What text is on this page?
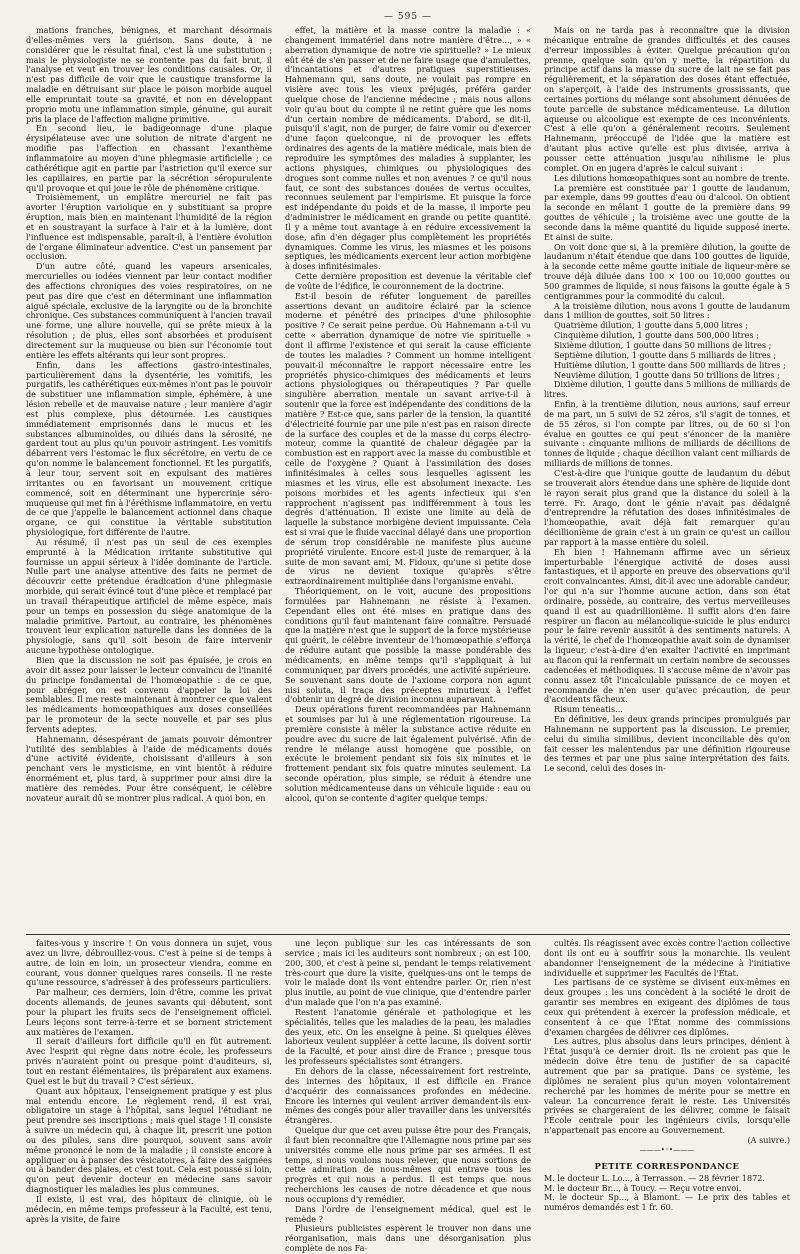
— 595 —

mations franches, bénignes, et marchant désormais d'elles-mêmes vers la guérison. Sans doute, à ne considérer que le résultat final, c'est là une substitution ; mais le physiologiste ne se contente pas du fait brut, il l'analyse et veut en trouver les conditions causales. Or, il n'est pas difficile de voir que le caustique transforme la maladie en détruisant sur place le poison morbide auquel elle empruntait toute sa gravité, et non en développant proprio motu une inflammation simple, génuine, qui aurait pris la place de l'affection maligne primitive.

En second lieu, le badigeonnage d'une plaque érysipélateuse avec une solution de nitrate d'argent ne modifie pas l'affection en chassant l'exanthème inflammatoire au moyen d'une phlegmasie artificielle ; ce cathérétique agit en partie par l'astriction qu'il exerce sur les capillaires, en partie par la sécrétion séropurulente qu'il provoque et qui joue le rôle de phénomène critique.

Troisièmement, un emplâtre mercuriel ne fait pas avorter l'éruption variolique en y substituant sa propre éruption, mais bien en maintenant l'humidité de la région et en soustrayant la surface à l'air et à la lumière, dont l'influence est indispensable, paraît-il, à l'entière évolution de l'organe éliminateur adventice. C'est un pansement par occlusion.

D'un autre côté, quand les vapeurs arsenicales, mercurielles ou iodées viennent par leur contact modifier des affections chroniques des voies respiratoires, on ne peut pas dire que c'est en déterminant une inflammation aiguë spéciale, exclusive de la laryngite ou de la bronchite chronique. Ces substances communiquent à l'ancien travail une forme, une allure nouvelle, qui se prête mieux à la résolution ; de plus, elles sont absorbées et produisent directement sur la muqueuse ou bien sur l'économie tout entière les effets altérants qui leur sont propres.

Enfin, dans les affections gastro-intestinales, particulièrement dans la dysentérie, les vomitifs, les purgatifs, les cathérétiques eux-mêmes n'ont pas le pouvoir de substituer une inflammation simple, éphémère, à une lésion rebelle et de mauvaise nature ; leur manière d'agir est plus complexe, plus détournée. Les caustiques immédiatement emprisonnés dans le mucus et les substances albuminoïdes, ou dilués dans la sérosité, ne gardent tout au plus qu'un pouvoir astringent. Les vomitifs débarrent vers l'estomac le flux sécrétoire, en vertu de ce qu'on nomme le balancement fonctionnel. Et les purgatifs, à leur tour, servent soit en expulsant des matières irritantes ou en favorisant un mouvement critique commencé, soit en déterminant une hypercrinie séro-muqueuse qui met fin à l'éréthisme inflammatoire, en vertu de ce que j'appelle le balancement actionnel dans chaque organe, ce qui constitue la véritable substitution physiologique, fort différente de l'autre.

Au résumé, il n'est pas un seul de ces exemples emprunté à la Médication irritante substitutive qui fournisse un appui sérieux à l'idée dominante de l'article. Nulle part une analyse attentive des faits ne permet de découvrir cette prétendue éradication d'une phlegmasie morbide, qui serait évincé tout d'une pièce et remplacé par un travail thérapeutique artificiel de même espèce, mais pour un temps en possession du siège anatomique de la maladie primitive. Partout, au contraire, les phénomènes trouvent leur explication naturelle dans les données de la physiologie, sans qu'il soit besoin de faire intervenir aucune hypothèse ontologique.

Bien que la discussion ne soit pas épuisée, je crois en avoir dit assez pour laisser le lecteur convaincu de l'inanité du principe fondamental de l'homœopathie : de ce que, pour abréger, on est convenu d'appeler la loi des semblables. Il me reste maintenant à montrer ce que valent les médicaments homœopathiques aux doses conseillées par le promoteur de la secte nouvelle et par ses plus fervents adeptes.

Hahnemann, désespérant de jamais pouvoir démontrer l'utilité des semblables à l'aide de médicaments doués d'une activité évidente, choisissant d'ailleurs à son penchant vers le mysticisme, en vint bientôt à réduire énormément et, plus tard, à supprimer pour ainsi dire la matière des remèdes. Pour être conséquent, le célèbre novateur aurait dû se montrer plus radical. A quoi bon, en

effet, la matière et la masse contre la maladie : « changement immatériel dans notre manière d'être..., » « aberration dynamique de notre vie spirituelle? » Le mieux eût été de s'en passer et de ne faire usage que d'amulettes, d'incantations et d'autres pratiques superstitieuses. Hahnemann qui, sans doute, ne voulait pas rompre en visière avec tous les vieux préjugés, préféra garder quelque chose de l'ancienne médecine ; mais nous allons voir qu'au bout du compte il ne retint guère que les noms d'un certain nombre de médicaments. D'abord, se dit-il, puisqu'il s'agit, non de purger, de faire vomir ou d'exercer d'une façon quelconque, ni de provoquer les effets ordinaires des agents de la matière médicale, mais bien de reproduire les symptômes des maladies à supplanter, les actions physiques, chimiques ou physiologiques des drogues sont comme nulles et non avenues ? ce qu'il nous faut, ce sont des substances douées de vertus occultes, reconnues seulement par l'empirisme. Et puisque la force est indépendante du poids et de la masse, il importe peu d'administrer le médicament en grande ou petite quantité. Il y a même tout avantage à en réduire excessivement la dose, afin d'en dégager plus complètement les propriétés dynamiques. Comme les virus, les miasmes et les poisons septiques, les médicaments exercent leur action morbigène à doses infinitésimales.

Cette dernière proposition est devenue la véritable clef de voûte de l'édifice, le couronnement de la doctrine.

Est-il besoin de réfuter longuement de pareilles assertions devant un auditoire éclairé par la science moderne et pénétré des principes d'une philosophie positive ? Ce serait peine perdue. Où Hahnemann a-t-il vu cette « aberration dynamique de notre vie spirituelle » dont il affirme l'existence et qui serait la cause efficiente de toutes les maladies ? Comment un homme intelligent pouvait-il méconnaître le rapport nécessaire entre les propriétés physico-chimiques des médicaments et leurs actions physiologiques ou thérapeutiques ? Par quelle singulière aberration mentale un savant arrive-t-il à soutenir que la force est indépendante des conditions de la matière ? Est-ce que, sans parler de la tension, la quantité d'électricité fournie par une pile n'est pas en raison directe de la surface des couples et de la masse du corps électro-moteur, comme la quantité de chaleur dégagée par la combustion est en rapport avec la masse du combustible et celle de l'oxygène ? Quant à l'assimilation des doses infinitésimales à celles sous lesquelles agissent les miasmes et les virus, elle est absolument inexacte. Les poisons morbides et les agents infectieux qui s'en rapprochent n'agissent pas indifféremment à tous les degrés d'atténuation. Il existe une limite au delà de laquelle la substance morbigène devient impuissante. Cela est si vrai que le fluide vaccinal délayé dans une proportion de sérum trop considérable ne manifeste plus aucune propriété virulente. Encore est-il juste de remarquer, à la suite de mon savant ami, M. Fidoux, qu'une si petite dose de virus ne devient toxique qu'après s'être extraordinairement multipliée dans l'organisme envahi.

Théoriquement, on le voit, aucune des propositions formulées par Hahnemann ne résiste à l'examen. Cependant elles ont été mises en pratique dans des conditions qu'il faut maintenant faire connaître. Persuadé que la matière n'est que le support de la force mystérieuse qui guérit, le célèbre inventeur de l'homœopathie s'efforça de réduire autant que possible la masse pondérable des médicaments, en même temps qu'il s'appliquait à lui communiquer, par divers procédés, une activité supérieure. Se souvenant sans doute de l'axiome corpora non agunt nisi soluta, il traça des préceptes minutieux à l'effet d'obtenir un degré de division inconnu auparavant.

Deux opérations furent recommandées par Hahnemann et soumises par lui à une réglementation rigoureuse. La première consiste à mêler la substance active réduite en poudre avec du sucre de lait également pulvérisé. Afin de rendre le mélange aussi homogène que possible, on exécute le broiement pendant six fois six minutes et le frottement pendant six fois quatre minutes seulement. La seconde opération, plus simple, se réduit à étendre une solution médicamenteuse dans un véhicule liquide : eau ou alcool, qu'on se contente d'agiter quelque temps.

Mais on ne tarda pas à reconnaître que la division mécanique entraîne de grandes difficultés et des causes d'erreur impossibles à éviter. Quelque précaution qu'on prenne, quelque soin qu'on y mette, la répartition du principe actif dans la masse du sucre de lait ne se fait pas régulièrement, et la séparation des doses étant effectuée, on s'aperçoit, à l'aide des instruments grossissants, que certaines portions du mélange sont absolument dénuées de toute parcelle de substance médicamenteuse. La dilution aqueuse ou alcoolique est exempte de ces inconvénients. C'est à elle qu'on a généralement recours. Seulement Hahnemann, préoccupé de l'idée que la matière est d'autant plus active qu'elle est plus divisée, arriva à pousser cette atténuation jusqu'au nihilisme le plus complet. On en jugera d'après le calcul suivant :

Les dilutions homœopathiques sont au nombre de trente.

La première est constituée par 1 goutte de laudanum, par exemple, dans 99 gouttes d'eau ou d'alcool. On obtient la seconde en mêlant 1 goutte de la première dans 99 gouttes de véhicule ; la troisième avec une goutte de la seconde dans la même quantité du liquide supposé inerte. Et ainsi de suite.

On voit donc que si, à la première dilution, la goutte de laudanum n'était étendue que dans 100 gouttes de liquide, à la seconde cette même goutte initiale de liqueur-mère se trouve déjà diluée dans 100 × 100 ou 10,000 gouttes ou 500 grammes de liquide, si nous faisons la goutte égale à 5 centigrammes pour la commodité du calcul.

A la troisième dilution, nous avons 1 goutte de laudanum dans 1 million de gouttes, soit 50 litres :

Quatrième dilution, 1 goutte dans 5,000 litres ;

Cinquième dilution, 1 goutte dans 500,000 litres ;

Sixième dilution, 1 goutte dans 50 millions de litres ;

Septième dilution, 1 goutte dans 5 milliards de litres ;

Huitième dilution, 1 goutte dans 500 milliards de litres ;

Neuvième dilution, 1 goutte dans 50 trillions de litres ;

Dixième dilution, 1 goutte dans 5 millions de milliards de litres.

Enfin, à la trentième dilution, nous aurions, sauf erreur de ma part, un 5 suivi de 52 zéros, s'il s'agit de tonnes, et de 55 zéros, si l'on compte par litres, ou de 60 si l'on évalue en gouttes ce qui peut s'énoncer de la manière suivante : cinquante millions de milliards de décillions de tonnes de liquide ; chaque décillion valant cent milliards de milliards de millions de tonnes.

C'est-à-dire que l'unique goutte de laudanum du début se trouverait alors étendue dans une sphère de liquide dont le rayon serait plus grand que la distance du soleil à la terre. Fr. Arago, dont le génie n'avait pas dédaigné d'entreprendre la réfutation des doses infinitésimales de l'homœopathie, avait déjà fait remarquer qu'au décillionième de grain c'est à un grain ce qu'est un caillou par rapport à la masse entière du soleil.

Eh bien ! Hahnemann affirme avec un sérieux imperturbable l'énergique activité de doses aussi fantastiques, et il apporte en preuve des observations qu'il croit convaincantes. Ainsi, dit-il avec une adorable candeur, l'or qui n'a sur l'homme aucune action, dans son état ordinaire, possède, au contraire, des vertus merveilleuses quand il est au quadrillionième. Il suffit alors d'en faire respirer un flacon au mélancolique-suicide le plus endurci pour le faire revenir aussitôt à des sentiments naturels. A la vérité, le chef de l'homœopathie avait soin de dynamiser la liqueur, c'est-à-dire d'en exalter l'activité en imprimant au flacon qui la renfermait un certain nombre de secousses cadencées et méthodiques. Il s'accuse même de n'avoir pas connu assez tôt l'incalculable puissance de ce moyen et recommande de n'en user qu'avec précaution, de peur d'accidents fâcheux.

Risum teneatis...

En définitive, les deux grands principes promulgués par Hahnemann ne supportent pas la discussion. Le premier, celui du similia similibus, devient inconciliable dès qu'on fait cesser les malentendus par une définition rigoureuse des termes et par une plus saine interprétation des faits. Le second, celui des doses in-

faites-vous y inscrire ! On vous donnera un sujet, vous avez un livre, débrouillez-vous. C'est à peine si de temps à autre, de loin en loin, un prosecteur viendra, comme en courant, vous donner quelques rares conseils. Il ne reste qu'une ressource, s'adresser à des professeurs particuliers.

Par malheur, ces derniers, loin d'être, comme les privat docents allemands, de jeunes savants qui débutent, sont pour la plupart les fruits secs de l'enseignement officiel. Leurs leçons sont terre-à-terre et se bornent strictement aux matières de l'examen.

Il serait d'ailleurs fort difficile qu'il en fût autrement. Avec l'esprit qui règne dans notre école, les professeurs privés n'auraient point ou presque point d'auditeurs, si, tout en restant élémentaires, ils préparaient aux examens. Quel est le but du travail ? C'est sérieux.

Quant aux hôpitaux, l'enseignement pratique y est plus mal entendu encore. Le règlement rend, il est vrai, obligatoire un stage à l'hôpital, sans lequel l'étudiant ne peut prendre ses inscriptions ; mais quel stage ! Il consiste à suivre un médecin qui, à chaque lit, prescrit une potion ou des pilules, sans dire pourquoi, souvent sans avoir même prononcé le nom de la maladie ; il consiste encore à appliquer ou à panser des vésicatoires, à faire des saignées ou à bander des plaies, et c'est tout. Cela est poussé si loin, qu'on peut devenir docteur en médecine sans savoir diagnostiquer les maladies les plus communes.

Il existe, il est vrai, des hôpitaux de clinique, où le médecin, en même temps professeur à la Faculté, est tenu, après la visite, de faire

une leçon publique sur les cas intéressants de son service ; mais ici les auditeurs sont nombreux ; on est 100, 200, 300, et c'est à peine si, pendant le temps relativement très-court que dure la visite, quelques-uns ont le temps de voir le malade dont ils vont entendre parler. Or, rien n'est plus inutile, au point de vue clinique, que d'entendre parler d'un malade que l'on n'a pas examiné.

Restent l'anatomie générale et pathologique et les spécialités, telles que les maladies de la peau, les maladies des yeux, etc. On les enseigne à peine. Si quelques élèves laborieux veulent suppléer à cette lacune, ils doivent sortir de la Faculté, et pour ainsi dire de France ; presque tous les professeurs spécialistes sont étrangers.

En dehors de la classe, nécessairement fort restreinte, des internes des hôpitaux, il est difficile en France d'acquérir des connaissances profondes en médecine. Encore les internes qui veulent arriver demandent-ils eux-mêmes des congés pour aller travailler dans les universités étrangères.

Quelque dur que cet aveu puisse être pour des Français, il faut bien reconnaître que l'Allemagne nous prime par ses universités comme elle nous prime par ses armées. Il est temps, si nous voulons nous relever, que nous sortions de cette admiration de nous-mêmes qui entrave tous les progrès et qui nous a perdus. Il est temps que nous recherchions les causes de notre décadence et que nous nous occupions d'y remédier.

Dans l'ordre de l'enseignement médical, quel est le remède ?

Plusieurs publicistes espèrent le trouver non dans une réorganisation, mais dans une désorganisation plus complète de nos Fa-

cultés. Ils réagissent avec excès contre l'action collective dont ils ont eu à souffrir sous la monarchie. Ils veulent abandonner l'enseignement de la médecine à l'initiative individuelle et supprimer les Facultés de l'État.

Les partisans de ce système se divisent eux-mêmes en deux groupes : les uns concèdent à la société le droit de garantir ses membres en exigeant des diplômes de tous ceux qui prétendent à exercer la profession médicale, et consentent à ce que l'État nomme des commissions d'examen chargées de délivrer ces diplômes.

Les autres, plus absolus dans leurs principes, dénient à l'État jusqu'à ce dernier droit. Ils ne croient pas que le médecin doive être tenu de justifier de sa capacité autrement que par sa pratique. Dans ce système, les diplômes ne seraient plus qu'un moyen volontairement recherché par les hommes de mérite pour se mettre en valeur. La concurrence ferait le reste. Les Universités privées se chargeraient de les délivrer, comme le faisait l'École centrale pour les ingénieurs civils, lorsqu'elle n'appartenait pas encore au Gouvernement.

(A suivre.)

———•◦•———
PETITE CORRESPONDANCE

M. le docteur L. Lo..., à Terrasson. — 28 février 1872.

M. le docteur Br..., à Toucy. — Reçu votre envoi.

M. le docteur Sp..., à Blamont. — Le prix des tables et numéros demandés est 1 fr. 60.
